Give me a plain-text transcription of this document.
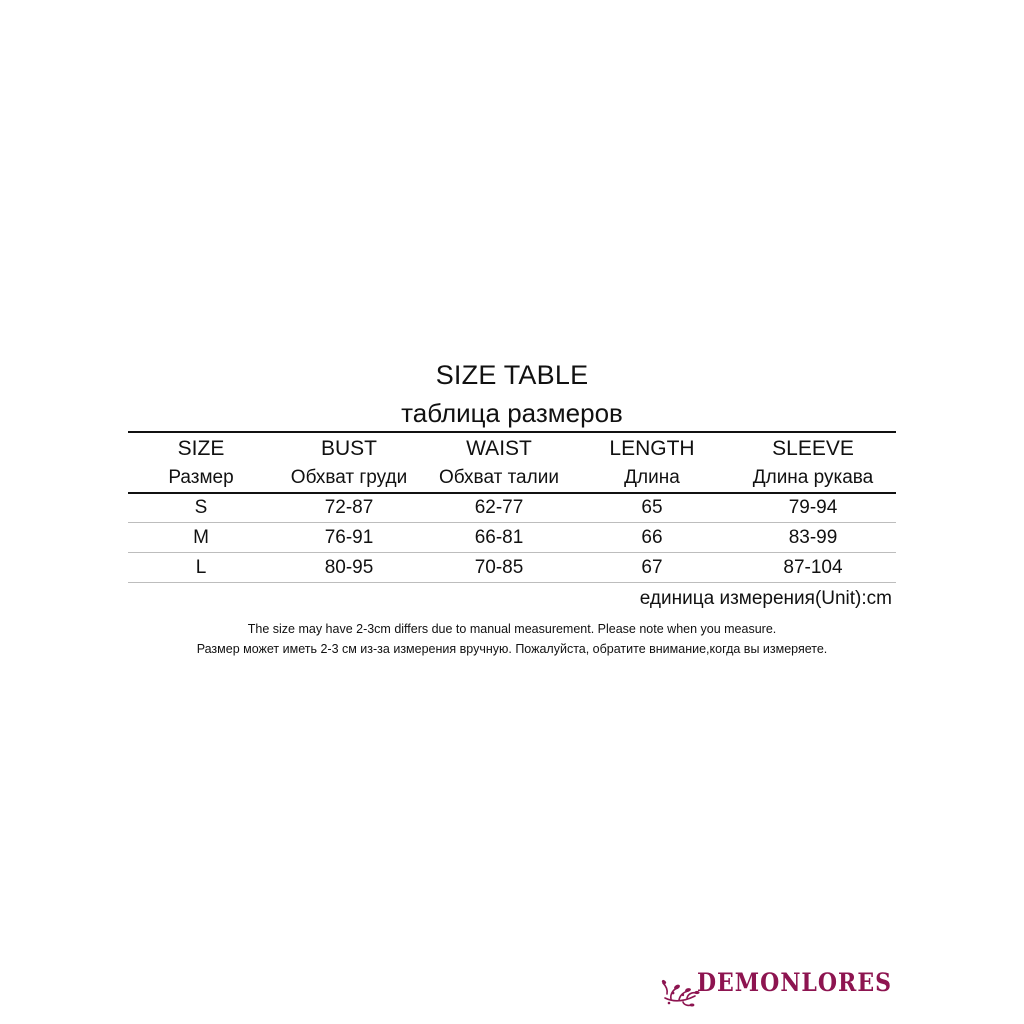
SIZE TABLE
таблица размеров
SIZE	BUST	WAIST	LENGTH	SLEEVE
Размер	Обхват груди	Обхват талии	Длина	Длина рукава
S	72-87	62-77	65	79-94
M	76-91	66-81	66	83-99
L	80-95	70-85	67	87-104
единица измерения(Unit):cm
The size may have 2-3cm differs due to manual measurement. Please note when you measure.
Размер может иметь 2-3 см из-за измерения вручную. Пожалуйста, обратите внимание,когда вы измеряете.
DEMONLORES
